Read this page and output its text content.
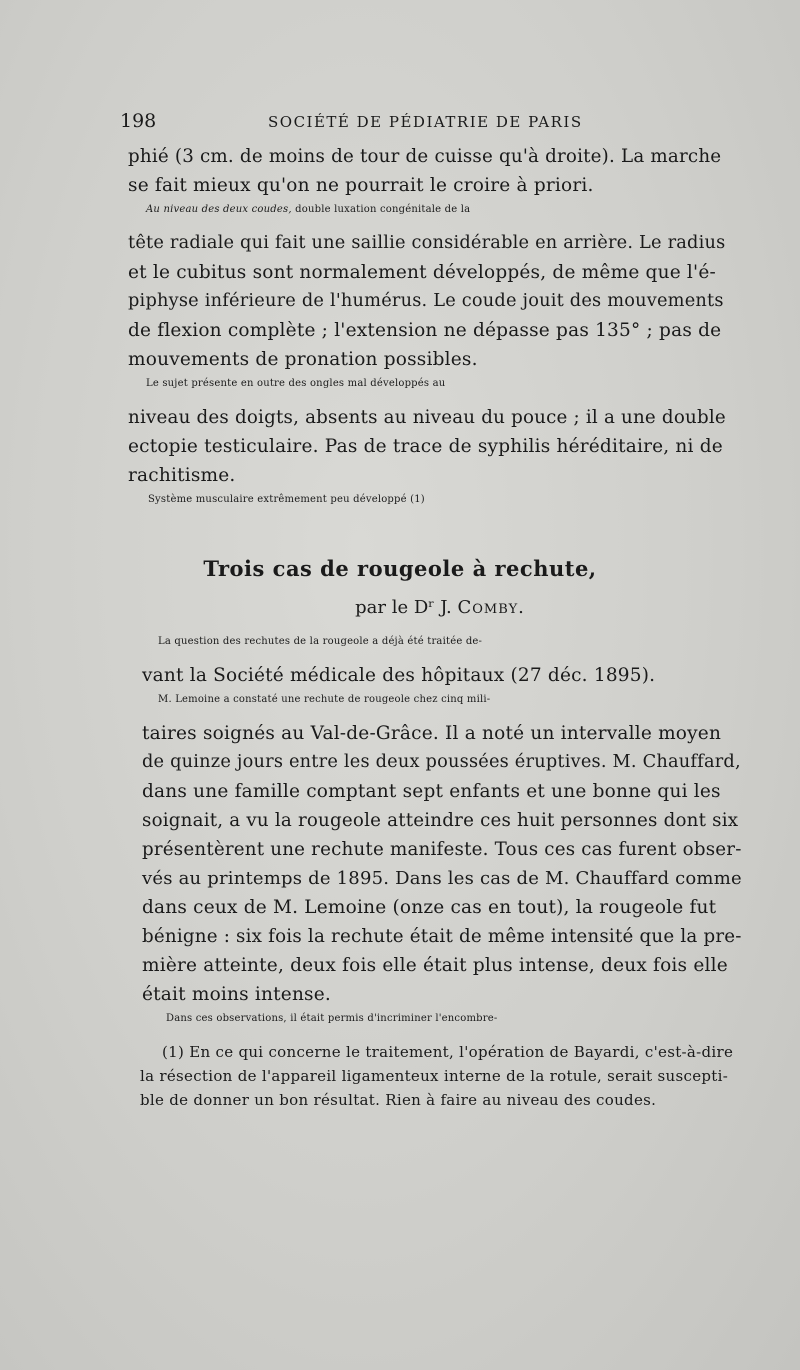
198	SOCIÉTÉ DE PÉDIATRIE DE PARIS
phié (3 cm. de moins de tour de cuisse qu'à droite). La marche
se fait mieux qu'on ne pourrait le croire à priori.
Au niveau des deux coudes, double luxation congénitale de la
tête radiale qui fait une saillie considérable en arrière. Le radius
et le cubitus sont normalement développés, de même que l'é-
piphyse inférieure de l'humérus. Le coude jouit des mouvements
de flexion complète ; l'extension ne dépasse pas 135° ; pas de
mouvements de pronation possibles.
Le sujet présente en outre des ongles mal développés au
niveau des doigts, absents au niveau du pouce ; il a une double
ectopie testiculaire. Pas de trace de syphilis héréditaire, ni de
rachitisme.
Système musculaire extrêmement peu développé (1)
Trois cas de rougeole à rechute,
par le Dʳ J. Comby.
La question des rechutes de la rougeole a déjà été traitée de-
vant la Société médicale des hôpitaux (27 déc. 1895).
M. Lemoine a constaté une rechute de rougeole chez cinq mili-
taires soignés au Val-de-Grâce. Il a noté un intervalle moyen
de quinze jours entre les deux poussées éruptives. M. Chauffard,
dans une famille comptant sept enfants et une bonne qui les
soignait, a vu la rougeole atteindre ces huit personnes dont six
présentèrent une rechute manifeste. Tous ces cas furent obser-
vés au printemps de 1895. Dans les cas de M. Chauffard comme
dans ceux de M. Lemoine (onze cas en tout), la rougeole fut
bénigne : six fois la rechute était de même intensité que la pre-
mière atteinte, deux fois elle était plus intense, deux fois elle
était moins intense.
Dans ces observations, il était permis d'incriminer l'encombre-
(1) En ce qui concerne le traitement, l'opération de Bayardi, c'est-à-dire
la résection de l'appareil ligamenteux interne de la rotule, serait suscepti-
ble de donner un bon résultat. Rien à faire au niveau des coudes.
